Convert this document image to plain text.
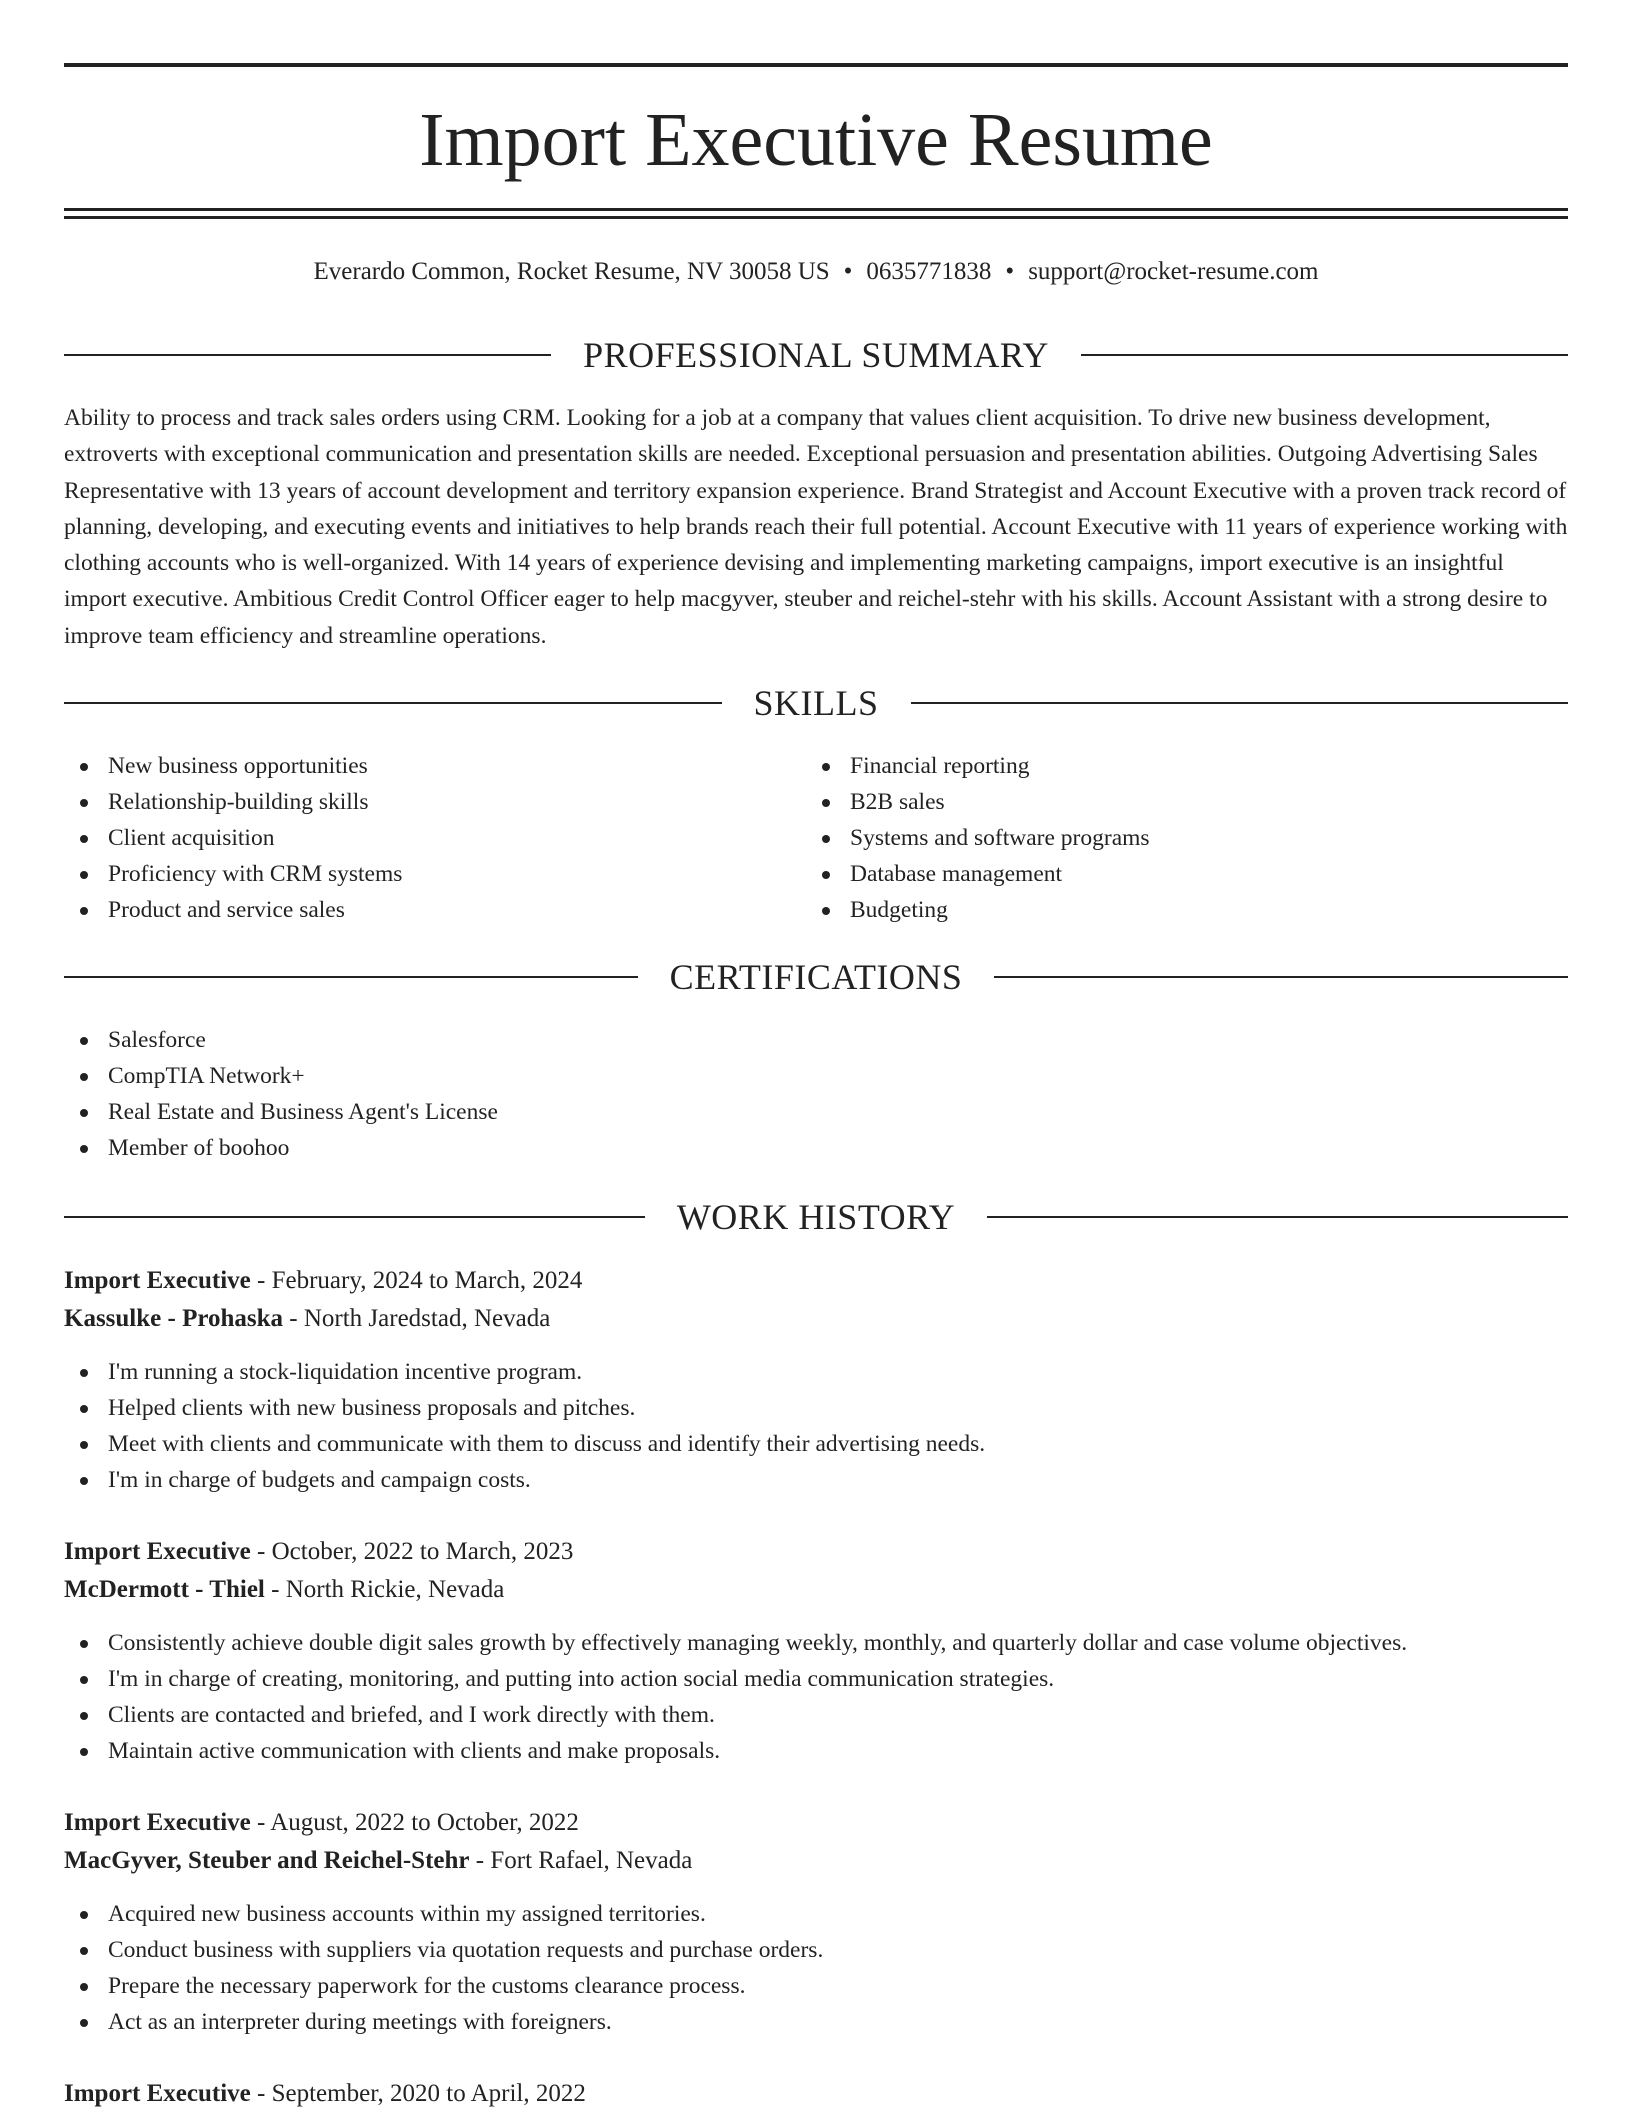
Import Executive Resume
Everardo Common, Rocket Resume, NV 30058 US • 0635771838 • support@rocket-resume.com
PROFESSIONAL SUMMARY

Ability to process and track sales orders using CRM. Looking for a job at a company that values client acquisition. To drive new business development, extroverts with exceptional communication and presentation skills are needed. Exceptional persuasion and presentation abilities. Outgoing Advertising Sales Representative with 13 years of account development and territory expansion experience. Brand Strategist and Account Executive with a proven track record of planning, developing, and executing events and initiatives to help brands reach their full potential. Account Executive with 11 years of experience working with clothing accounts who is well-organized. With 14 years of experience devising and implementing marketing campaigns, import executive is an insightful import executive. Ambitious Credit Control Officer eager to help macgyver, steuber and reichel-stehr with his skills. Account Assistant with a strong desire to improve team efficiency and streamline operations.

SKILLS
New business opportunities
Relationship-building skills
Client acquisition
Proficiency with CRM systems
Product and service sales
Financial reporting
B2B sales
Systems and software programs
Database management
Budgeting
CERTIFICATIONS
Salesforce
CompTIA Network+
Real Estate and Business Agent's License
Member of boohoo
WORK HISTORY
Import Executive - February, 2024 to March, 2024
Kassulke - Prohaska - North Jaredstad, Nevada
I'm running a stock-liquidation incentive program.
Helped clients with new business proposals and pitches.
Meet with clients and communicate with them to discuss and identify their advertising needs.
I'm in charge of budgets and campaign costs.
Import Executive - October, 2022 to March, 2023
McDermott - Thiel - North Rickie, Nevada
Consistently achieve double digit sales growth by effectively managing weekly, monthly, and quarterly dollar and case volume objectives.
I'm in charge of creating, monitoring, and putting into action social media communication strategies.
Clients are contacted and briefed, and I work directly with them.
Maintain active communication with clients and make proposals.
Import Executive - August, 2022 to October, 2022
MacGyver, Steuber and Reichel-Stehr - Fort Rafael, Nevada
Acquired new business accounts within my assigned territories.
Conduct business with suppliers via quotation requests and purchase orders.
Prepare the necessary paperwork for the customs clearance process.
Act as an interpreter during meetings with foreigners.
Import Executive - September, 2020 to April, 2022
